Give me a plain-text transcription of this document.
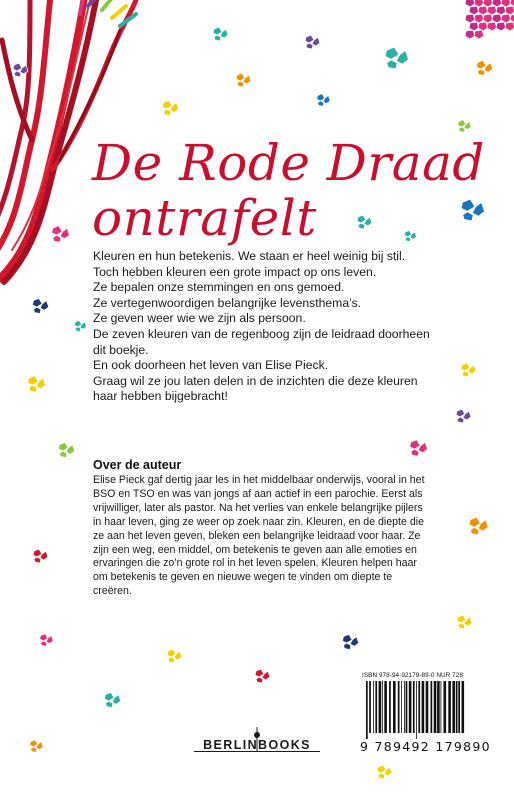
De Rode Draad
ontrafelt
Kleuren en hun betekenis. We staan er heel weinig bij stil.
Toch hebben kleuren een grote impact op ons leven.
Ze bepalen onze stemmingen en ons gemoed.
Ze vertegenwoordigen belangrijke levensthema’s.
Ze geven weer wie we zijn als persoon.
De zeven kleuren van de regenboog zijn de leidraad doorheen dit boekje.
En ook doorheen het leven van Elise Pieck.
Graag wil ze jou laten delen in de inzichten die deze kleuren haar hebben bijgebracht!
Over de auteur
Elise Pieck gaf dertig jaar les in het middelbaar onderwijs, vooral in het BSO en TSO en was van jongs af aan actief in een parochie. Eerst als vrijwilliger, later als pastor. Na het verlies van enkele belangrijke pijlers in haar leven, ging ze weer op zoek naar zin. Kleuren, en de diepte die ze aan het leven geven, bleken een belangrijke leidraad voor haar. Ze zijn een weg, een middel, om betekenis te geven aan alle emoties en ervaringen die zo’n grote rol in het leven spelen. Kleuren helpen haar om betekenis te geven en nieuwe wegen te vinden om diepte te creëren.
ISBN 978-94-92179-89-0 NUR 728
9 789492 179890
BERLINBOOKS
